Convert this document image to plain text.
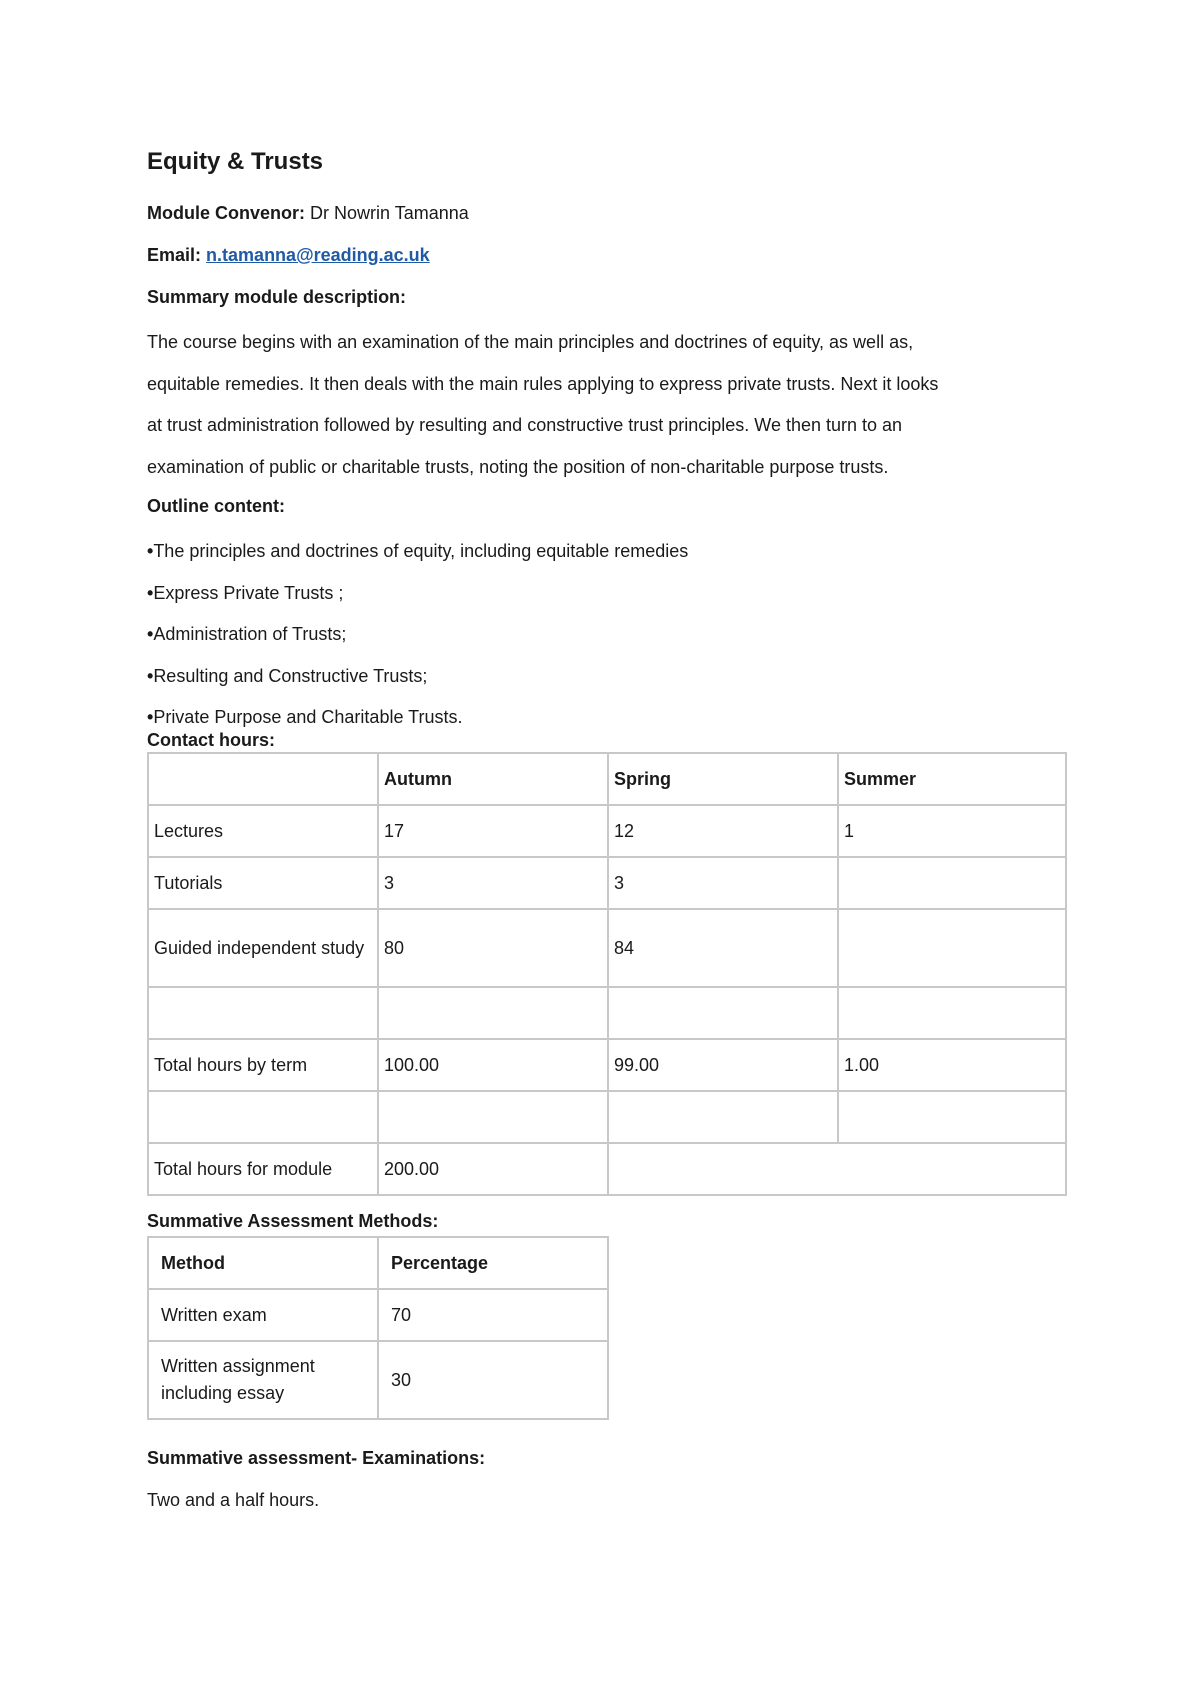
Equity & Trusts
Module Convenor: Dr Nowrin Tamanna
Email: n.tamanna@reading.ac.uk
Summary module description:
The course begins with an examination of the main principles and doctrines of equity, as well as,
equitable remedies. It then deals with the main rules applying to express private trusts. Next it looks
at trust administration followed by resulting and constructive trust principles. We then turn to an
examination of public or charitable trusts, noting the position of non-charitable purpose trusts.
Outline content:
•The principles and doctrines of equity, including equitable remedies
•Express Private Trusts ;
•Administration of Trusts;
•Resulting and Constructive Trusts;
•Private Purpose and Charitable Trusts.
Contact hours:
	Autumn	Spring	Summer
Lectures	17	12	1
Tutorials	3	3	
Guided independent study	80	84	

Total hours by term	100.00	99.00	1.00

Total hours for module	200.00		
Summative Assessment Methods:
Method	Percentage
Written exam	70
Written assignment including essay	30
Summative assessment- Examinations:
Two and a half hours.
